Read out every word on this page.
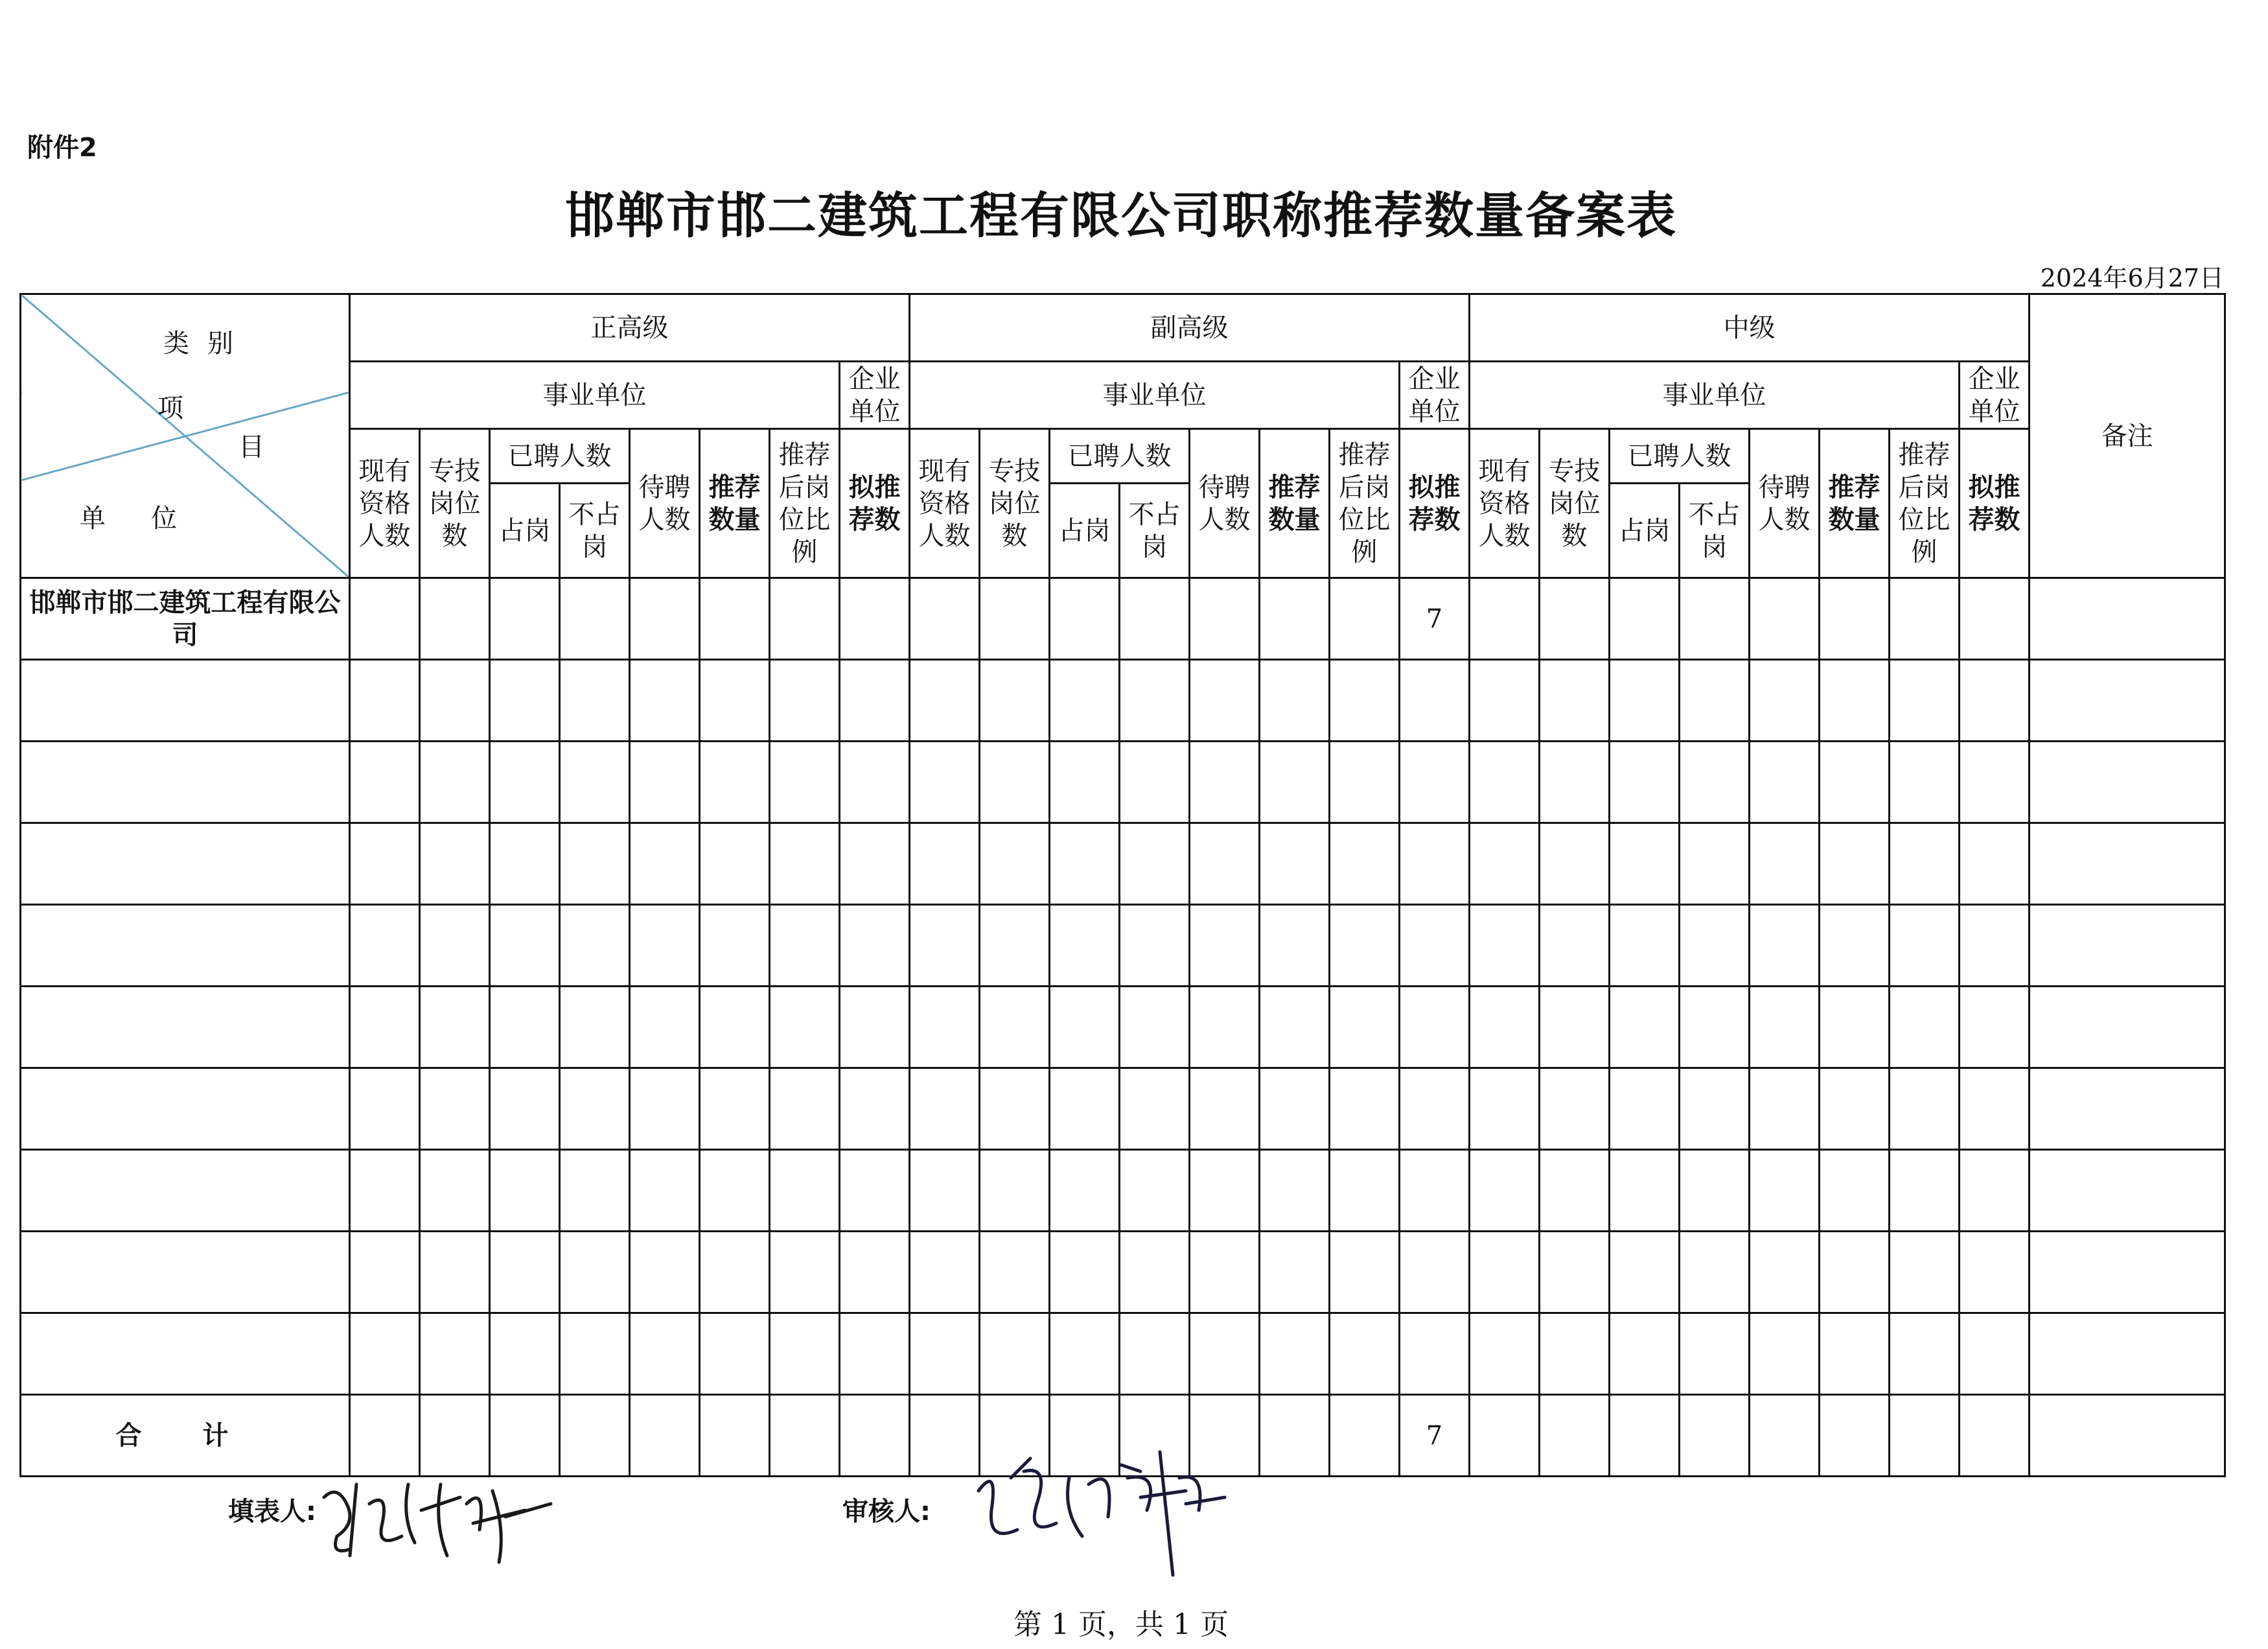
附件2
邯郸市邯二建筑工程有限公司职称推荐数量备案表
2024年6月27日
类别
项
目
单位	正高级								副高级								中级								备注
	事业单位							企业单位	事业单位							企业单位	事业单位							企业单位	
	现有资格人数	专技岗位数	已聘人数		待聘人数	推荐数量	推荐后岗位比例	拟推荐数	现有资格人数	专技岗位数	已聘人数		待聘人数	推荐数量	推荐后岗位比例	拟推荐数	现有资格人数	专技岗位数	已聘人数		待聘人数	推荐数量	推荐后岗位比例	拟推荐数	
			占岗	不占岗							占岗	不占岗							占岗	不占岗					
邯郸市邯二建筑工程有限公司																7									

合 计																7									
填表人:	审核人:
第 1 页，共 1 页
